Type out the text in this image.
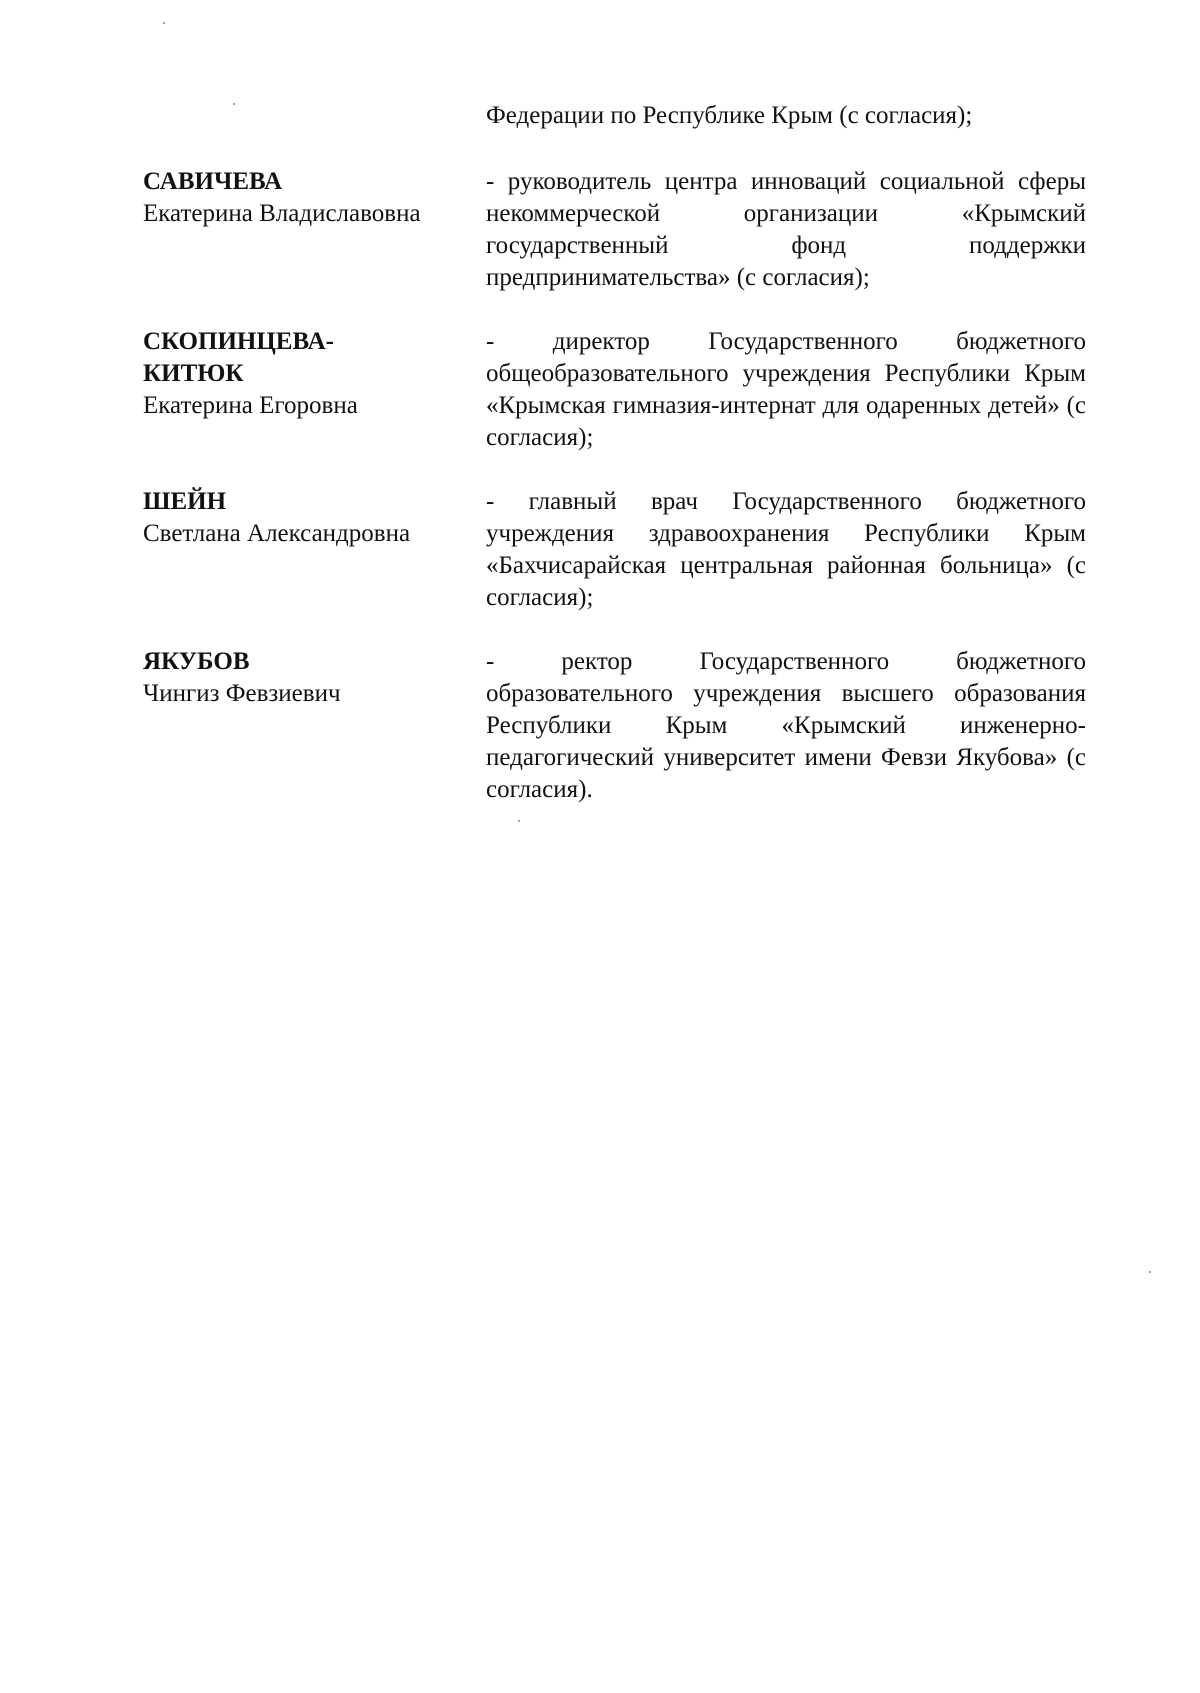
Федерации по Республике Крым (с согласия);
САВИЧЕВА
Екатерина Владиславовна
- руководитель центра инноваций социальной сферы некоммерческой организации «Крымский государственный фонд поддержки предпринимательства» (с согласия);
СКОПИНЦЕВА-
КИТЮК
Екатерина Егоровна
- директор Государственного бюджетного общеобразовательного учреждения Республики Крым «Крымская гимназия-интернат для одаренных детей» (с согласия);
ШЕЙН
Светлана Александровна
- главный врач Государственного бюджетного учреждения здравоохранения Республики Крым «Бахчисарайская центральная районная больница» (с согласия);
ЯКУБОВ
Чингиз Февзиевич
- ректор Государственного бюджетного образовательного учреждения высшего образования Республики Крым «Крымский инженерно-педагогический университет имени Февзи Якубова» (с согласия).
